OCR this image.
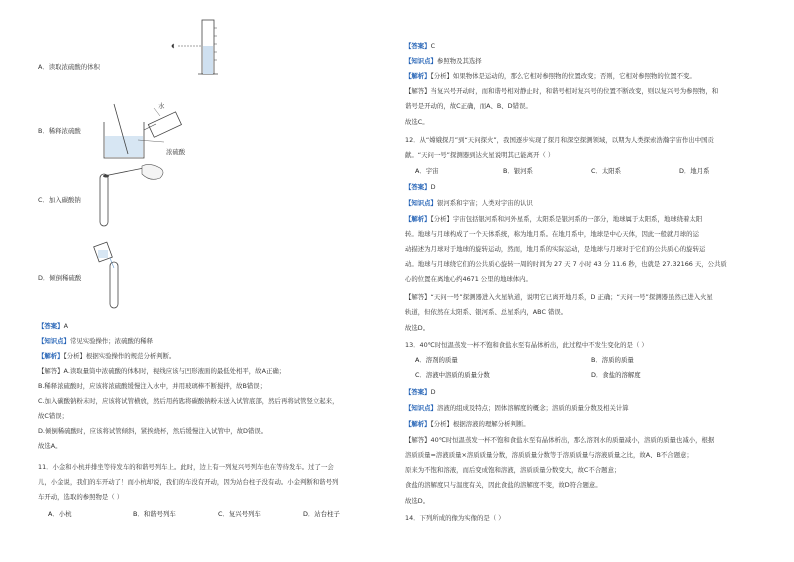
A．读取浓硫酸的体积
水
浓硫酸
B．稀释浓硫酸
C．加入碳酸钠
D．倾倒稀硫酸
【答案】A
【知识点】常见实验操作；浓硫酸的稀释
【解析】【分析】根据实验操作的规范分析判断。
【解答】A.读取量筒中浓硫酸的体积时，视线应该与凹形液面的最低处相平，故A正确；
B.稀释浓硫酸时，应该将浓硫酸缓慢注入水中，并用玻璃棒不断搅拌，故B错误；
C.加入碳酸钠粉末时，应该将试管横放，然后用药匙将碳酸钠粉末送入试管底部，然后再将试管竖立起来，
故C错误；
D.倾倒稀硫酸时，应该将试管倾斜，紧挨烧杯，然后缓慢注入试管中，故D错误。
故选A。
11．小金和小杭并排坐等待发车的和谐号列车上。此时，边上有一列复兴号列车也在等待发车。过了一会
儿，小金说，我们的车开动了！而小杭却说，我们的车没有开动，因为站台柱子没有动。小金判断和谐号列
车开动，选取的参照物是（ ）
A．小杭	B．和谐号列车	C．复兴号列车	D．站台柱子
【答案】C
【知识点】参照物及其选择
【解析】【分析】如果物体是运动的，那么它相对参照物的位置改变；否则，它相对参照物的位置不变。
【解答】当复兴号开动时，而和谐号相对静止时，和谐号相对复兴号的位置不断改变，则以复兴号为参照物，和
谐号是开动的，故C正确，而A、B、D错误。
故选C。
12．从“嫦娥探月”到“天问探火”，我国逐步实现了探月和深空探测领域，以期为人类探索浩瀚宇宙作出中国贡
献。“天问一号”探测器到达火星说明其已能离开（ ）
A．宇宙	B．银河系	C．太阳系	D．地月系
【答案】D
【知识点】银河系和宇宙；人类对宇宙的认识
【解析】【分析】宇宙包括银河系和河外星系，太阳系是银河系的一部分，地球属于太阳系，地球绕着太阳
转。地球与月球构成了一个天体系统，称为地月系。在地月系中，地球是中心天体，因此一般就月球的运
动描述为月球对于地球的旋转运动，然而，地月系的实际运动，是地球与月球对于它们的公共质心的旋转运
动。地球与月球绕它们的公共质心旋转一周的时间为 27 天 7 小时 43 分 11.6 秒，也就是 27.32166 天，公共质
心的位置在离地心约4671 公里的地球体内。
【解答】“天问一号”探测器进入火星轨道，说明它已离开地月系，D 正确；“天问一号”探测器虽然已进入火星
轨道，但依然在太阳系、银河系、总星系内，ABC 错误。
故选D。
13．40℃时恒温蒸发一杯不饱和食盐水至有晶体析出，此过程中不发生变化的是（ ）
A．溶剂的质量	B．溶质的质量
C．溶液中溶质的质量分数	D．食盐的溶解度
【答案】D
【知识点】溶液的组成及特点；固体溶解度的概念；溶质的质量分数及相关计算
【解析】【分析】根据溶液的理解分析判断。
【解答】40℃时恒温蒸发一杯不饱和食盐水至有晶体析出，那么溶剂水的质量减小，溶质的质量也减小，根据
溶质质量=溶液质量×溶质质量分数，溶质质量分数等于溶质质量与溶液质量之比，故A、B不合题意；
原来为不饱和溶液，而后变成饱和溶液，溶质质量分数变大，故C不合题意；
食盐的溶解度只与温度有关，因此食盐的溶解度不变，故D符合题意。
故选D。
14．下列所成的像为实像的是（ ）
